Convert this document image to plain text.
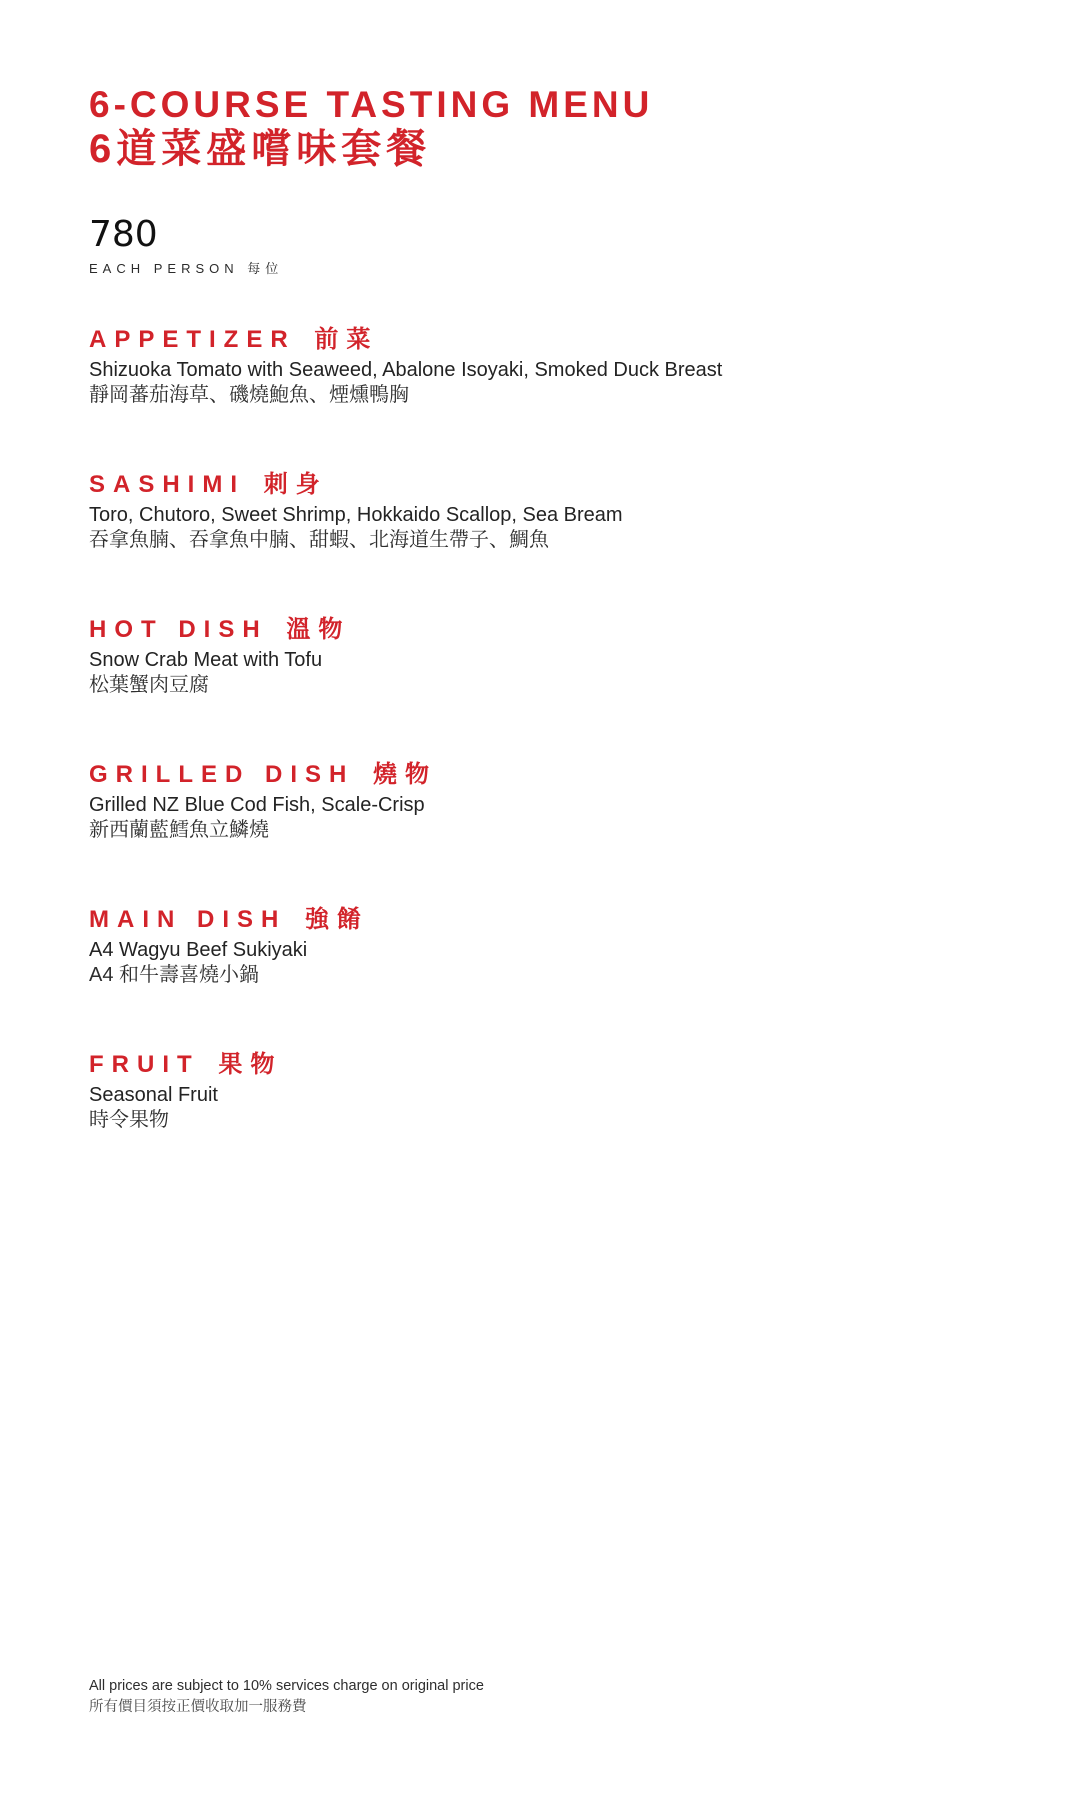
6-COURSE TASTING MENU
6道菜盛嚐味套餐
780
EACH PERSON 每位
APPETIZER 前菜
Shizuoka Tomato with Seaweed, Abalone Isoyaki, Smoked Duck Breast
靜岡蕃茄海草、磯燒鮑魚、煙燻鴨胸
SASHIMI 刺身
Toro, Chutoro, Sweet Shrimp, Hokkaido Scallop, Sea Bream
吞拿魚腩、吞拿魚中腩、甜蝦、北海道生帶子、鯛魚
HOT DISH 溫物
Snow Crab Meat with Tofu
松葉蟹肉豆腐
GRILLED DISH 燒物
Grilled NZ Blue Cod Fish, Scale-Crisp
新西蘭藍鱈魚立鱗燒
MAIN DISH 強餚
A4 Wagyu Beef Sukiyaki
A4 和牛壽喜燒小鍋
FRUIT 果物
Seasonal Fruit
時令果物
All prices are subject to 10% services charge on original price
所有價目須按正價收取加一服務費
